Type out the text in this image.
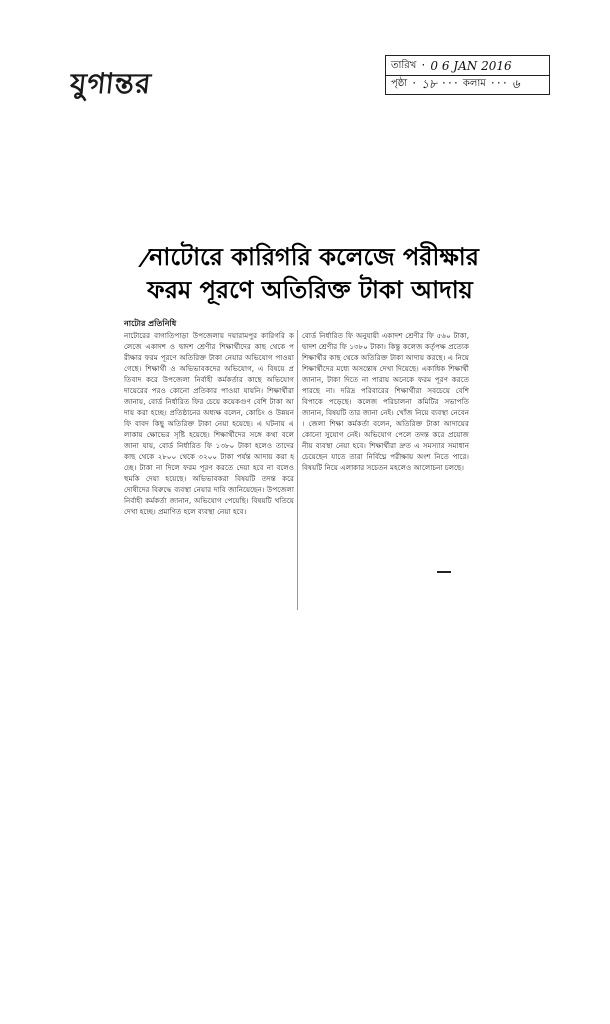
যুগান্তর
তারিখ · 0 6 JAN 2016
পৃষ্ঠা · ১৮ ··· কলাম ··· ৬
/নাটোরে কারিগরি কলেজে পরীক্ষার
ফরম পূরণে অতিরিক্ত টাকা আদায়
নাটোর প্রতিনিধি
নাটোরের বাগাতিপাড়া উপজেলায় দয়ারামপুর কারিগরি কলেজে একাদশ ও দ্বাদশ শ্রেণীর শিক্ষার্থীদের কাছ থেকে পরীক্ষার ফরম পূরণে অতিরিক্ত টাকা নেয়ার অভিযোগ পাওয়া গেছে। শিক্ষার্থী ও অভিভাবকদের অভিযোগ, এ বিষয়ে প্রতিবাদ করে উপজেলা নির্বাহী কর্মকর্তার কাছে অভিযোগ দায়েরের পরও কোনো প্রতিকার পাওয়া যায়নি। শিক্ষার্থীরা জানায়, বোর্ড নির্ধারিত ফির চেয়ে কয়েকগুণ বেশি টাকা আদায় করা হচ্ছে। প্রতিষ্ঠানের অধ্যক্ষ বলেন, কোচিং ও উন্নয়ন ফি বাবদ কিছু অতিরিক্ত টাকা নেয়া হয়েছে। এ ঘটনায় এলাকায় ক্ষোভের সৃষ্টি হয়েছে। শিক্ষার্থীদের সঙ্গে কথা বলে জানা যায়, বোর্ড নির্ধারিত ফি ১৩৮০ টাকা হলেও তাদের কাছ থেকে ২৮০০ থেকে ৩২০০ টাকা পর্যন্ত আদায় করা হচ্ছে। টাকা না দিলে ফরম পূরণ করতে দেয়া হবে না বলেও হুমকি দেয়া হয়েছে। অভিভাবকরা বিষয়টি তদন্ত করে দোষীদের বিরুদ্ধে ব্যবস্থা নেয়ার দাবি জানিয়েছেন। উপজেলা নির্বাহী কর্মকর্তা জানান, অভিযোগ পেয়েছি। বিষয়টি খতিয়ে দেখা হচ্ছে। প্রমাণিত হলে ব্যবস্থা নেয়া হবে।
বোর্ড নির্ধারিত ফি অনুযায়ী একাদশ শ্রেণীর ফি ৫৬০ টাকা, দ্বাদশ শ্রেণীর ফি ১৩৮০ টাকা। কিন্তু কলেজ কর্তৃপক্ষ প্রত্যেক শিক্ষার্থীর কাছ থেকে অতিরিক্ত টাকা আদায় করছে। এ নিয়ে শিক্ষার্থীদের মধ্যে অসন্তোষ দেখা দিয়েছে। একাধিক শিক্ষার্থী জানান, টাকা দিতে না পারায় অনেকে ফরম পূরণ করতে পারছে না। দরিদ্র পরিবারের শিক্ষার্থীরা সবচেয়ে বেশি বিপাকে পড়েছে। কলেজ পরিচালনা কমিটির সভাপতি জানান, বিষয়টি তার জানা নেই। খোঁজ নিয়ে ব্যবস্থা নেবেন। জেলা শিক্ষা কর্মকর্তা বলেন, অতিরিক্ত টাকা আদায়ের কোনো সুযোগ নেই। অভিযোগ পেলে তদন্ত করে প্রয়োজনীয় ব্যবস্থা নেয়া হবে। শিক্ষার্থীরা দ্রুত এ সমস্যার সমাধান চেয়েছেন যাতে তারা নির্বিঘ্নে পরীক্ষায় অংশ নিতে পারে। বিষয়টি নিয়ে এলাকার সচেতন মহলেও আলোচনা চলছে।
